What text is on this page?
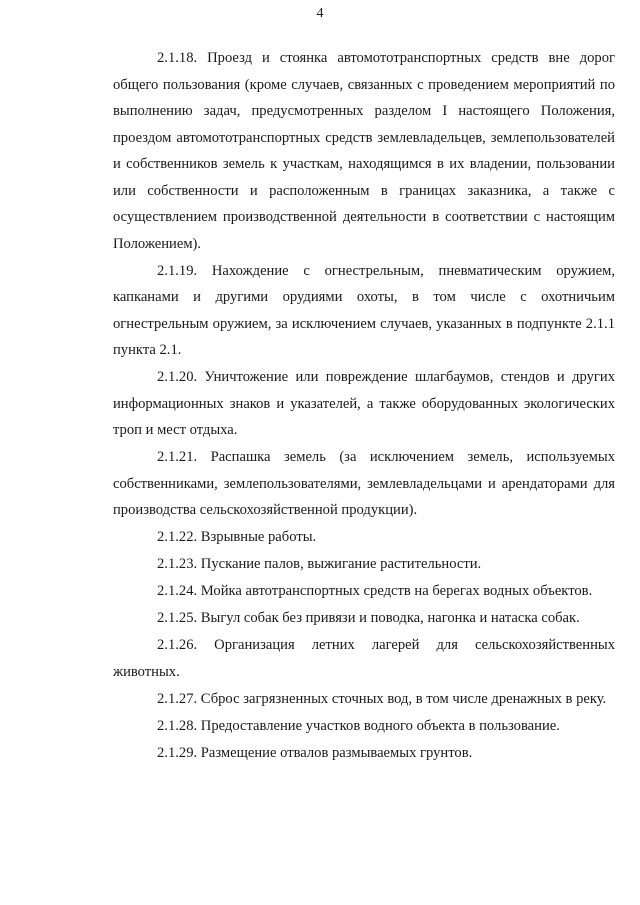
4

2.1.18. Проезд и стоянка автомототранспортных средств вне дорог общего пользования (кроме случаев, связанных с проведением мероприятий по выполнению задач, предусмотренных разделом I настоящего Положения, проездом автомототранспортных средств землевладельцев, землепользователей и собственников земель к участкам, находящимся в их владении, пользовании или собственности и расположенным в границах заказника, а также с осуществлением производственной деятельности в соответствии с настоящим Положением).

2.1.19. Нахождение с огнестрельным, пневматическим оружием, капканами и другими орудиями охоты, в том числе с охотничьим огнестрельным оружием, за исключением случаев, указанных в подпункте 2.1.1 пункта 2.1.

2.1.20. Уничтожение или повреждение шлагбаумов, стендов и других информационных знаков и указателей, а также оборудованных экологических троп и мест отдыха.

2.1.21. Распашка земель (за исключением земель, используемых собственниками, землепользователями, землевладельцами и арендаторами для производства сельскохозяйственной продукции).

2.1.22. Взрывные работы.

2.1.23. Пускание палов, выжигание растительности.

2.1.24. Мойка автотранспортных средств на берегах водных объектов.

2.1.25. Выгул собак без привязи и поводка, нагонка и натаска собак.

2.1.26. Организация летних лагерей для сельскохозяйственных животных.

2.1.27. Сброс загрязненных сточных вод, в том числе дренажных в реку.

2.1.28. Предоставление участков водного объекта в пользование.

2.1.29. Размещение отвалов размываемых грунтов.
